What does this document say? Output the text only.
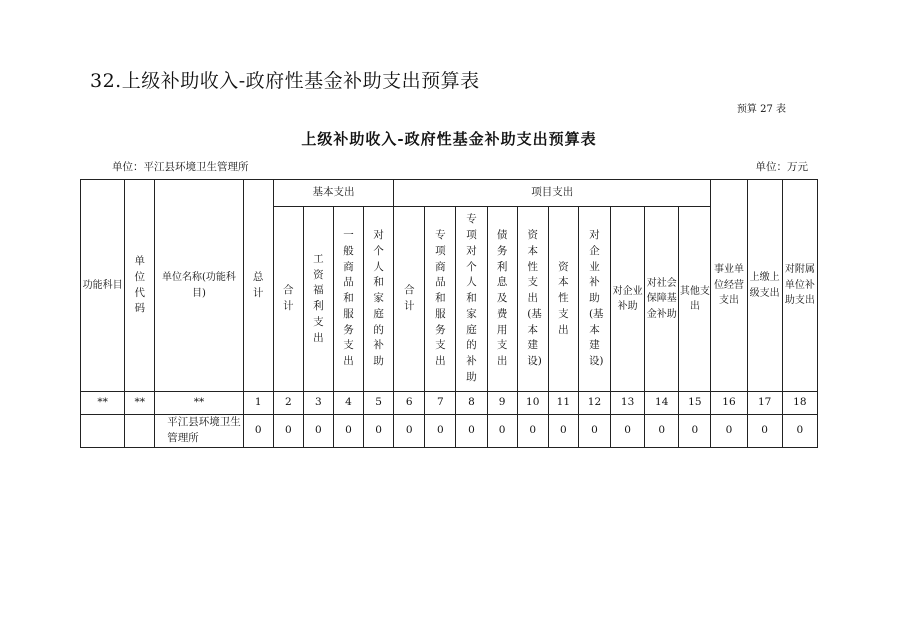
32.上级补助收入-政府性基金补助支出预算表
预算 27 表
上级补助收入-政府性基金补助支出预算表
单位：平江县环境卫生管理所	单位：万元
功能科目	单位代码	单位名称(功能科目)	总计	基本支出				项目支出										事业单位经营支出	上缴上级支出	对附属单位补助支出
				合计	工资福利支出	一般商品和服务支出	对个人和家庭的补助	合计	专项商品和服务支出	专项对个人和家庭的补助	债务利息及费用支出	资本性支出(基本建设)	资本性支出	对企业补助(基本建设)	对企业补助	对社会保障基金补助	其他支出			
**	**	**	1	2	3	4	5	6	7	8	9	10	11	12	13	14	15	16	17	18
		平江县环境卫生管理所	0	0	0	0	0	0	0	0	0	0	0	0	0	0	0	0	0	0
